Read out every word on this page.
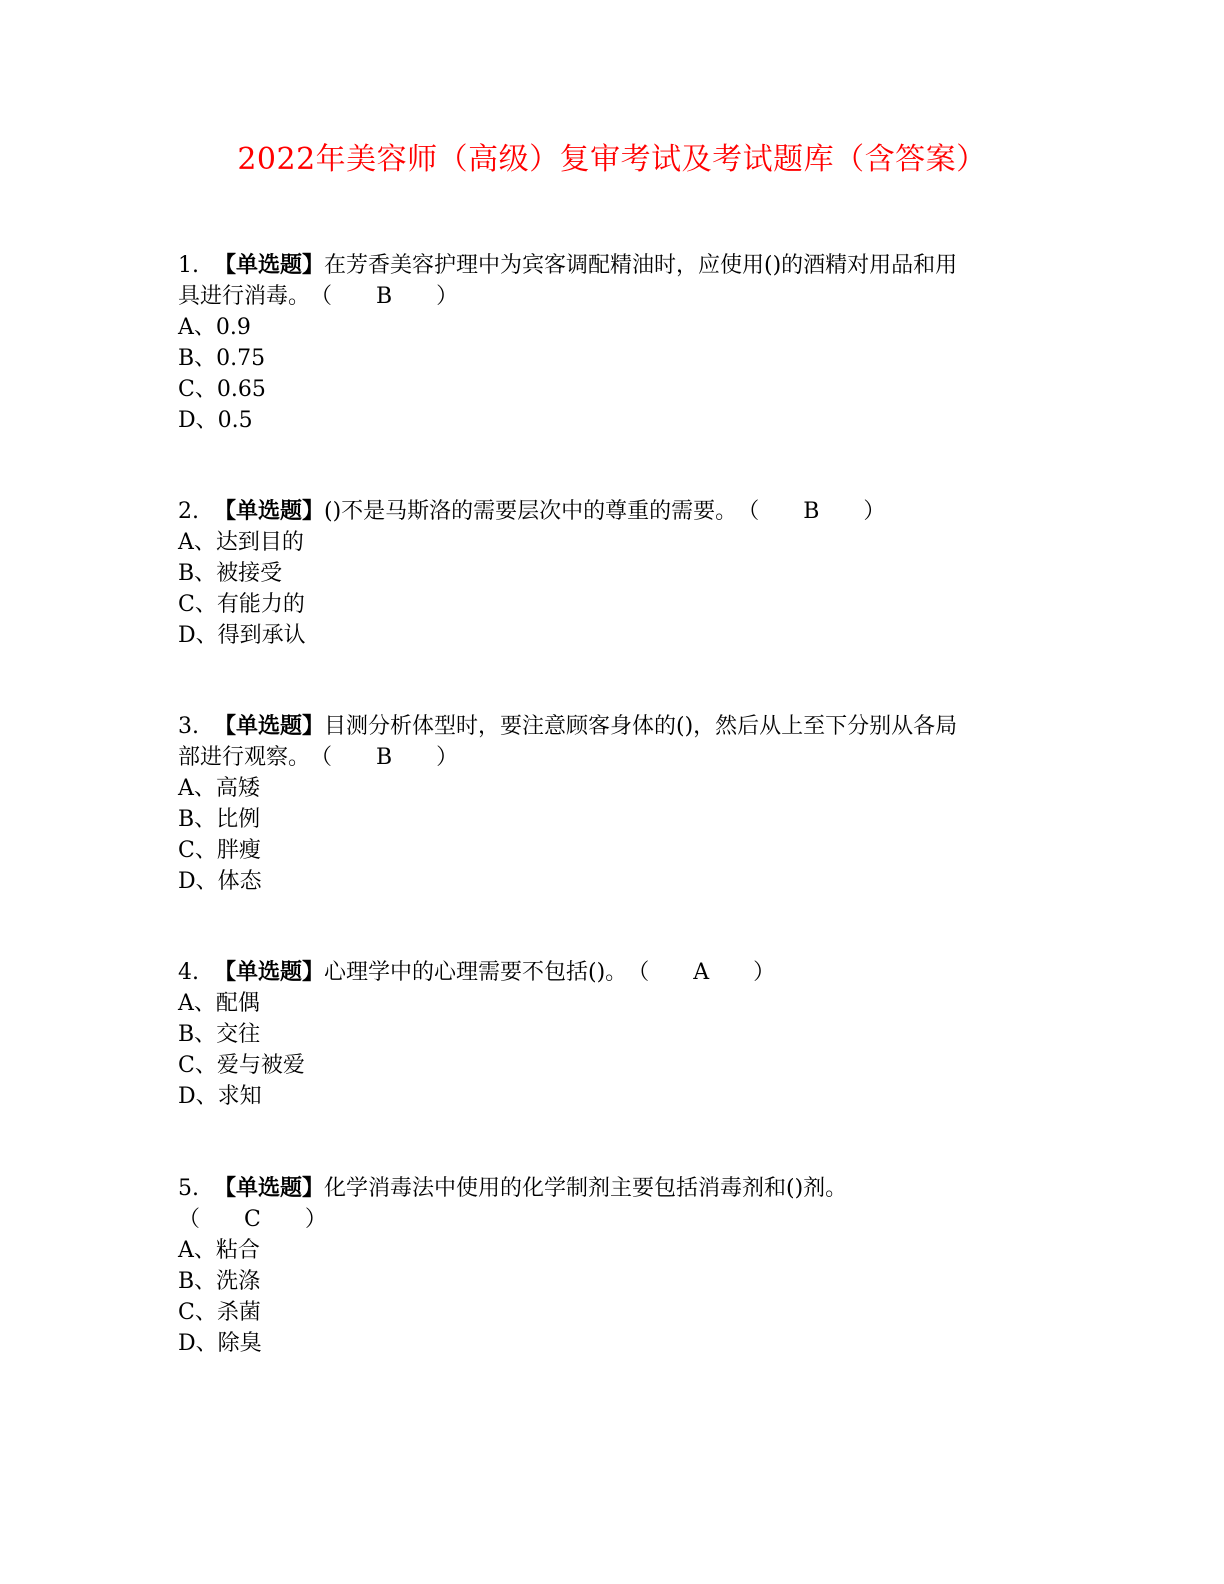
2022年美容师（高级）复审考试及考试题库（含答案）
1. 【单选题】在芳香美容护理中为宾客调配精油时，应使用()的酒精对用品和用
具进行消毒。（　　B　　）
A、0.9
B、0.75
C、0.65
D、0.5
2. 【单选题】()不是马斯洛的需要层次中的尊重的需要。（　　B　　）
A、达到目的
B、被接受
C、有能力的
D、得到承认
3. 【单选题】目测分析体型时，要注意顾客身体的()，然后从上至下分别从各局
部进行观察。（　　B　　）
A、高矮
B、比例
C、胖瘦
D、体态
4. 【单选题】心理学中的心理需要不包括()。（　　A　　）
A、配偶
B、交往
C、爱与被爱
D、求知
5. 【单选题】化学消毒法中使用的化学制剂主要包括消毒剂和()剂。
（　　C　　）
A、粘合
B、洗涤
C、杀菌
D、除臭
